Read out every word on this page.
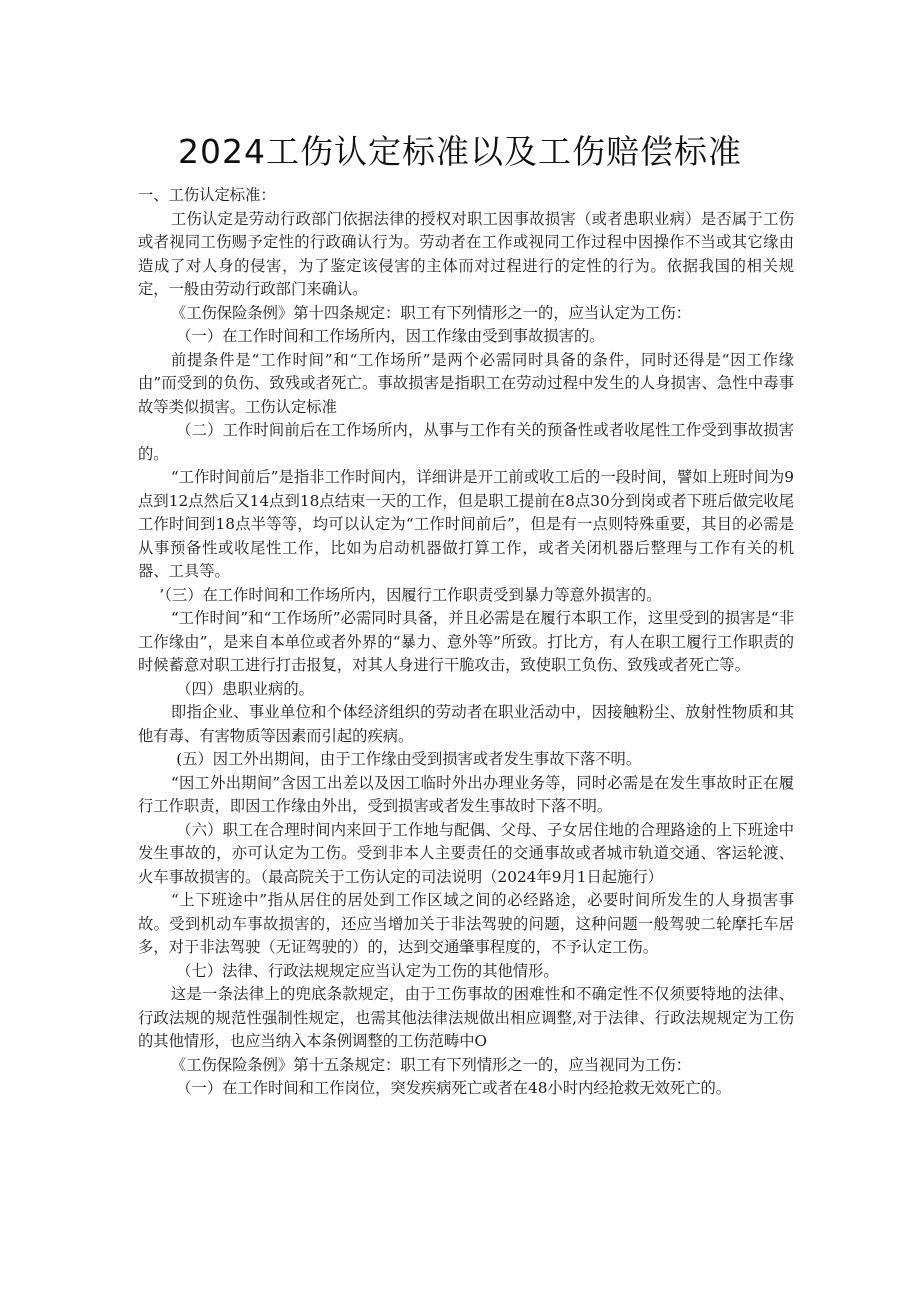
2024工伤认定标准以及工伤赔偿标准

一、工伤认定标准：

工伤认定是劳动行政部门依据法律的授权对职工因事故损害（或者患职业病）是否属于工伤或者视同工伤赐予定性的行政确认行为。劳动者在工作或视同工作过程中因操作不当或其它缘由造成了对人身的侵害，为了鉴定该侵害的主体而对过程进行的定性的行为。依据我国的相关规定，一般由劳动行政部门来确认。

《工伤保险条例》第十四条规定：职工有下列情形之一的，应当认定为工伤：

（一）在工作时间和工作场所内，因工作缘由受到事故损害的。

前提条件是“工作时间”和“工作场所”是两个必需同时具备的条件，同时还得是“因工作缘由”而受到的负伤、致残或者死亡。事故损害是指职工在劳动过程中发生的人身损害、急性中毒事故等类似损害。工伤认定标准

（二）工作时间前后在工作场所内，从事与工作有关的预备性或者收尾性工作受到事故损害的。

“工作时间前后”是指非工作时间内，详细讲是开工前或收工后的一段时间，譬如上班时间为9点到12点然后又14点到18点结束一天的工作，但是职工提前在8点30分到岗或者下班后做完收尾工作时间到18点半等等，均可以认定为“工作时间前后”，但是有一点则特殊重要，其目的必需是从事预备性或收尾性工作，比如为启动机器做打算工作，或者关闭机器后整理与工作有关的机器、工具等。

’（三）在工作时间和工作场所内，因履行工作职责受到暴力等意外损害的。

“工作时间”和“工作场所”必需同时具备，并且必需是在履行本职工作，这里受到的损害是“非工作缘由”，是来自本单位或者外界的“暴力、意外等”所致。打比方，有人在职工履行工作职责的时候蓄意对职工进行打击报复，对其人身进行干脆攻击，致使职工负伤、致残或者死亡等。

（四）患职业病的。

即指企业、事业单位和个体经济组织的劳动者在职业活动中，因接触粉尘、放射性物质和其他有毒、有害物质等因素而引起的疾病。

(五）因工外出期间，由于工作缘由受到损害或者发生事故下落不明。

“因工外出期间”含因工出差以及因工临时外出办理业务等，同时必需是在发生事故时正在履行工作职责，即因工作缘由外出，受到损害或者发生事故时下落不明。

（六）职工在合理时间内来回于工作地与配偶、父母、子女居住地的合理路途的上下班途中发生事故的，亦可认定为工伤。受到非本人主要责任的交通事故或者城市轨道交通、客运轮渡、火车事故损害的。（最高院关于工伤认定的司法说明（2024年9月1日起施行）

“上下班途中”指从居住的居处到工作区域之间的必经路途，必要时间所发生的人身损害事故。受到机动车事故损害的，还应当增加关于非法驾驶的问题，这种问题一般驾驶二轮摩托车居多，对于非法驾驶（无证驾驶的）的，达到交通肇事程度的，不予认定工伤。

（七）法律、行政法规规定应当认定为工伤的其他情形。

这是一条法律上的兜底条款规定，由于工伤事故的困难性和不确定性不仅须要特地的法律、行政法规的规范性强制性规定，也需其他法律法规做出相应调整,对于法律、行政法规规定为工伤的其他情形，也应当纳入本条例调整的工伤范畴中O

《工伤保险条例》第十五条规定：职工有下列情形之一的，应当视同为工伤：

（一）在工作时间和工作岗位，突发疾病死亡或者在48小时内经抢救无效死亡的。
